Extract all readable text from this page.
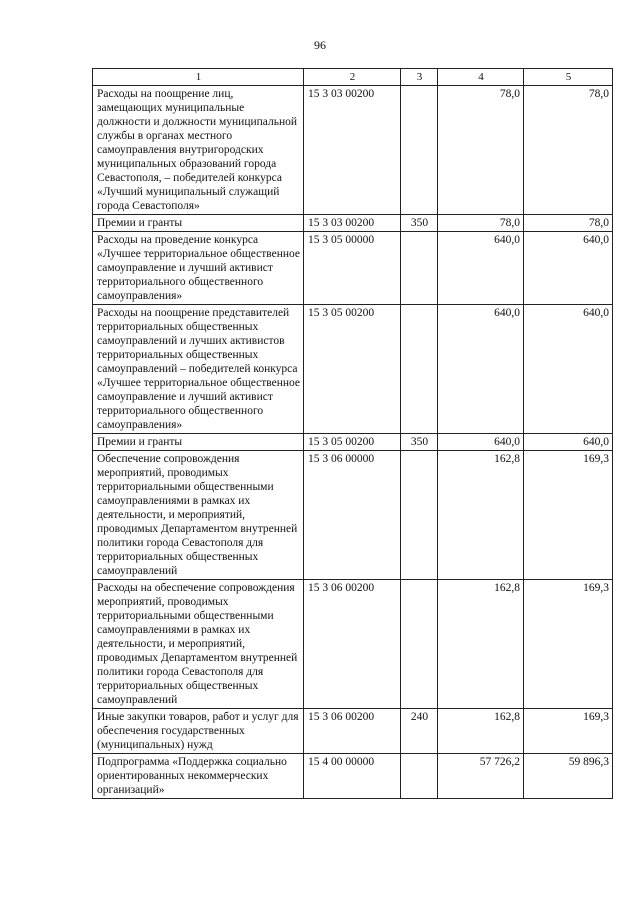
96
1	2	3	4	5
Расходы на поощрение лиц, замещающих муниципальные должности и должности муниципальной службы в органах местного самоуправления внутригородских муниципальных образований города Севастополя, – победителей конкурса «Лучший муниципальный служащий города Севастополя»	15 3 03 00200		78,0	78,0
Премии и гранты	15 3 03 00200	350	78,0	78,0
Расходы на проведение конкурса «Лучшее территориальное общественное самоуправление и лучший активист территориального общественного самоуправления»	15 3 05 00000		640,0	640,0
Расходы на поощрение представителей территориальных общественных самоуправлений и лучших активистов территориальных общественных самоуправлений – победителей конкурса «Лучшее территориальное общественное самоуправление и лучший активист территориального общественного самоуправления»	15 3 05 00200		640,0	640,0
Премии и гранты	15 3 05 00200	350	640,0	640,0
Обеспечение сопровождения мероприятий, проводимых территориальными общественными самоуправлениями в рамках их деятельности, и мероприятий, проводимых Департаментом внутренней политики города Севастополя для территориальных общественных самоуправлений	15 3 06 00000		162,8	169,3
Расходы на обеспечение сопровождения мероприятий, проводимых территориальными общественными самоуправлениями в рамках их деятельности, и мероприятий, проводимых Департаментом внутренней политики города Севастополя для территориальных общественных самоуправлений	15 3 06 00200		162,8	169,3
Иные закупки товаров, работ и услуг для обеспечения государственных (муниципальных) нужд	15 3 06 00200	240	162,8	169,3
Подпрограмма «Поддержка социально ориентированных некоммерческих организаций»	15 4 00 00000		57 726,2	59 896,3
